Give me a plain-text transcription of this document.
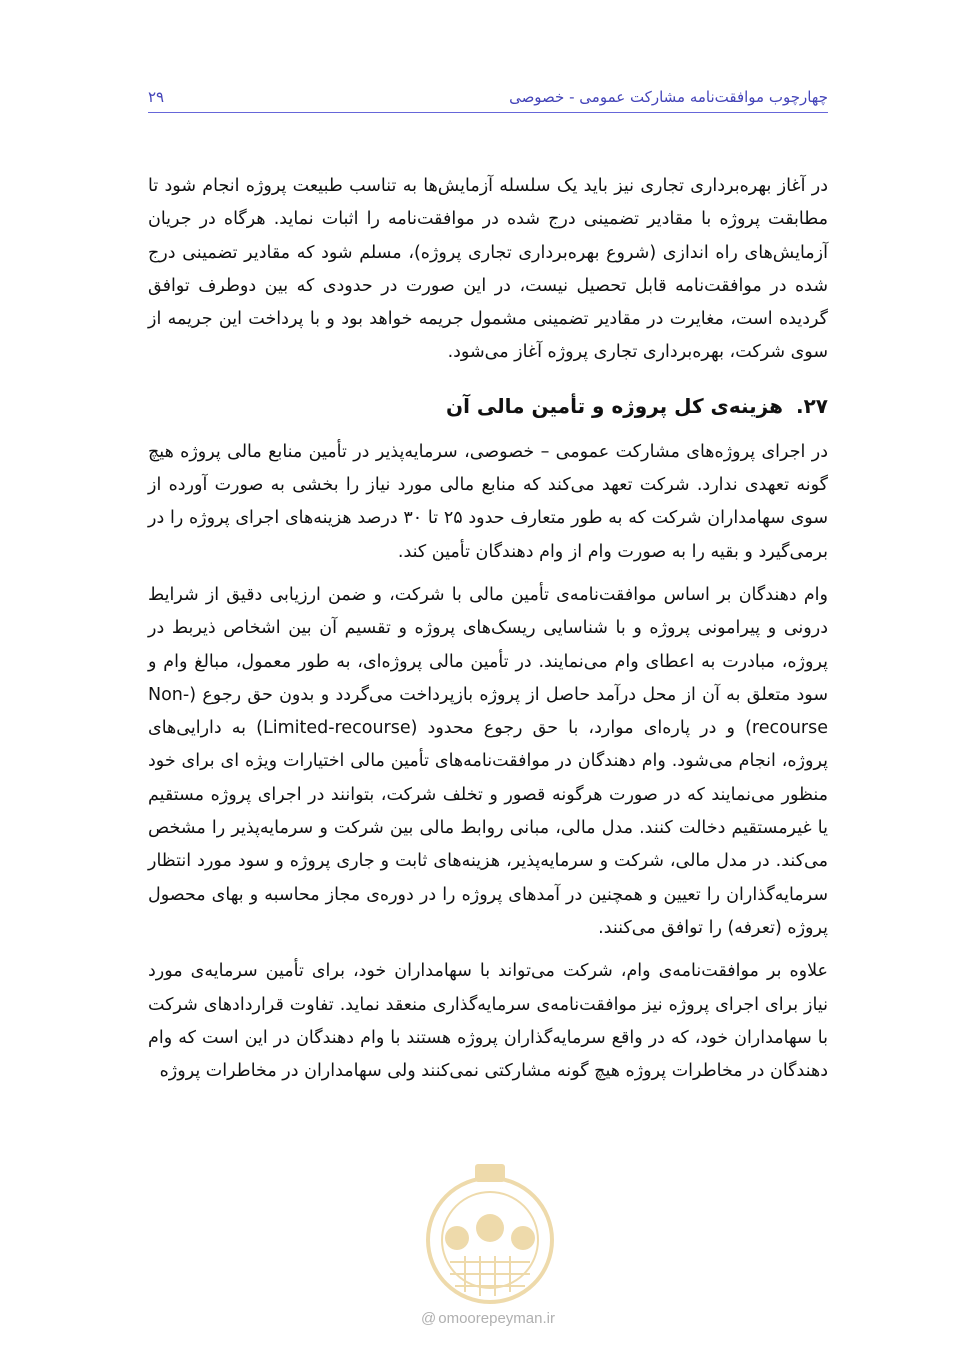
چهارچوب موافقت‌نامه مشارکت عمومی - خصوصی
۲۹

در آغاز بهره‌برداری تجاری نیز باید یک سلسله آزمایش‌ها به تناسب طبیعت پروژه انجام شود تا مطابقت پروژه با مقادیر تضمینی درج شده در موافقت‌نامه را اثبات نماید. هرگاه در جریان آزمایش‌های راه اندازی (شروع بهره‌برداری تجاری پروژه)، مسلم شود که مقادیر تضمینی درج شده در موافقت‌نامه قابل تحصیل نیست، در این صورت در حدودی که بین دوطرف توافق گردیده است، مغایرت در مقادیر تضمینی مشمول جریمه خواهد بود و با پرداخت این جریمه از سوی شرکت، بهره‌برداری تجاری پروژه آغاز می‌شود.

۲۷. هزینه‌ی کل پروژه و تأمین مالی آن

در اجرای پروژه‌های مشارکت عمومی – خصوصی، سرمایه‌پذیر در تأمین منابع مالی پروژه هیچ گونه تعهدی ندارد. شرکت تعهد می‌کند که منابع مالی مورد نیاز را بخشی به صورت آورده از سوی سهامداران شرکت که به طور متعارف حدود ۲۵ تا ۳۰ درصد هزینه‌های اجرای پروژه را در برمی‌گیرد و بقیه را به صورت وام از وام دهندگان تأمین کند.

وام دهندگان بر اساس موافقت‌نامه‌ی تأمین مالی با شرکت، و ضمن ارزیابی دقیق از شرایط درونی و پیرامونی پروژه و با شناسایی ریسک‌های پروژه و تقسیم آن بین اشخاص ذیربط در پروژه، مبادرت به اعطای وام می‌نمایند. در تأمین مالی پروژه‌ای، به طور معمول، مبالغ وام و سود متعلق به آن از محل درآمد حاصل از پروژه بازپرداخت می‌گردد و بدون حق رجوع (Non-recourse) و در پاره‌ای موارد، با حق رجوع محدود (Limited-recourse) به دارایی‌های پروژه، انجام می‌شود. وام دهندگان در موافقت‌نامه‌های تأمین مالی اختیارات ویژه ای برای خود منظور می‌نمایند که در صورت هرگونه قصور و تخلف شرکت، بتوانند در اجرای پروژه مستقیم یا غیرمستقیم دخالت کنند. مدل مالی، مبانی روابط مالی بین شرکت و سرمایه‌پذیر را مشخص می‌کند. در مدل مالی، شرکت و سرمایه‌پذیر، هزینه‌های ثابت و جاری پروژه و سود مورد انتظار سرمایه‌گذاران را تعیین و همچنین در آمدهای پروژه را در دوره‌ی مجاز محاسبه و بهای محصول پروژه (تعرفه) را توافق می‌کنند.

علاوه بر موافقت‌نامه‌ی وام، شرکت می‌تواند با سهامداران خود، برای تأمین سرمایه‌ی مورد نیاز برای اجرای پروژه نیز موافقت‌نامه‌ی سرمایه‌گذاری منعقد نماید. تفاوت قراردادهای شرکت با سهامداران خود، که در واقع سرمایه‌گذاران پروژه هستند با وام دهندگان در این است که وام دهندگان در مخاطرات پروژه هیچ گونه مشارکتی نمی‌کنند ولی سهامداران در مخاطرات پروژه

@ omoorepeyman.ir
